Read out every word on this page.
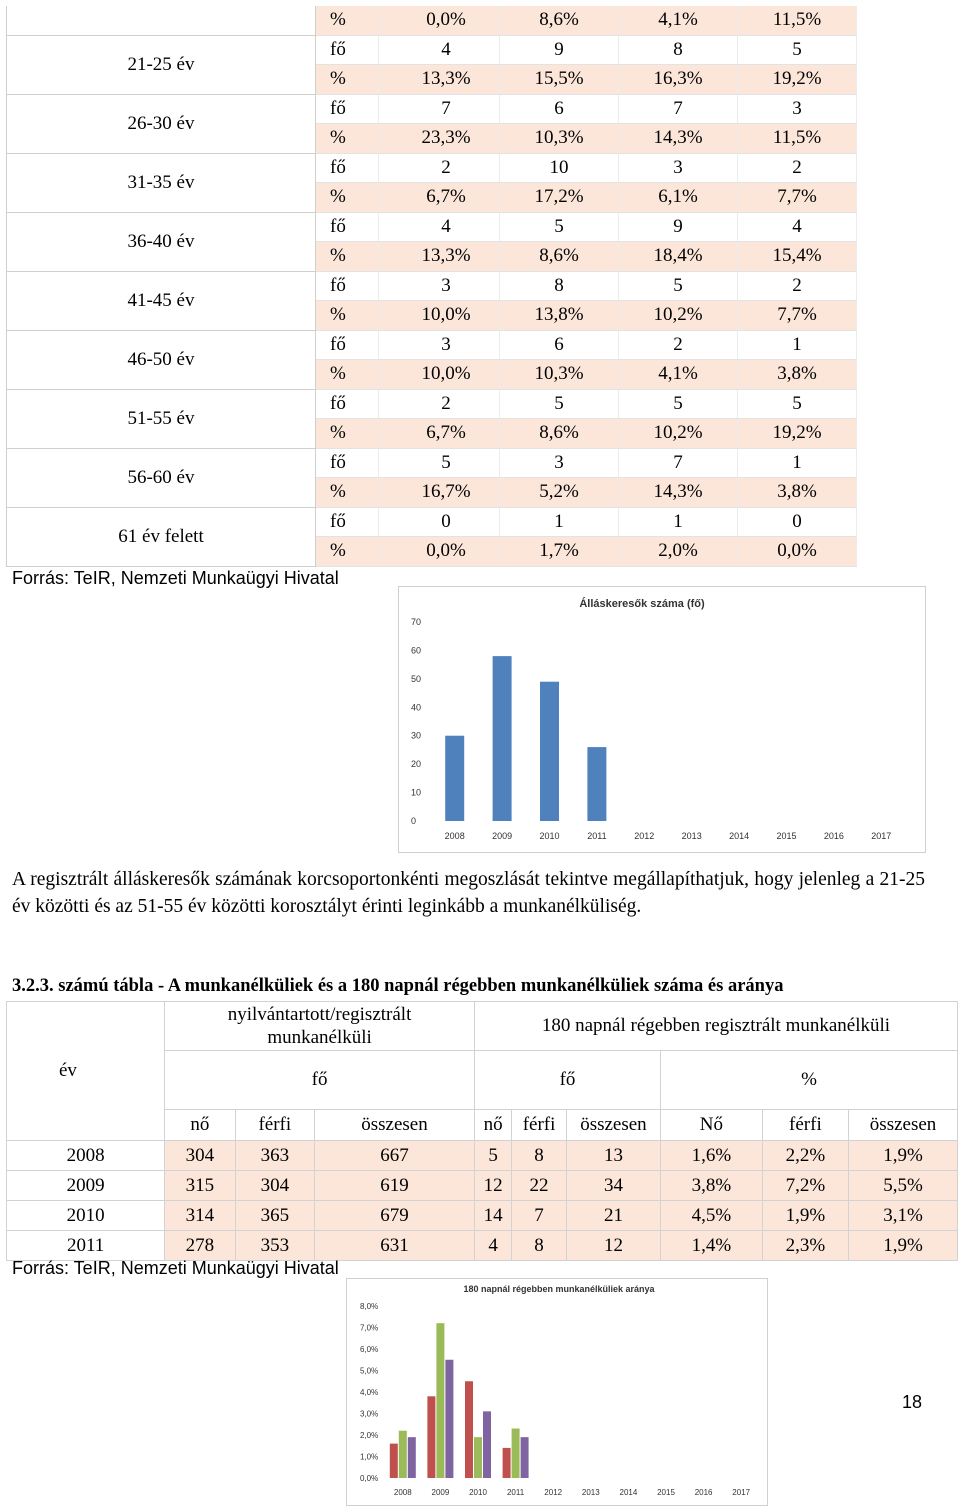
	%	0,0%	8,6%	4,1%	11,5%
21-25 év	fő	4	9	8	5
	%	13,3%	15,5%	16,3%	19,2%
26-30 év	fő	7	6	7	3
	%	23,3%	10,3%	14,3%	11,5%
31-35 év	fő	2	10	3	2
	%	6,7%	17,2%	6,1%	7,7%
36-40 év	fő	4	5	9	4
	%	13,3%	8,6%	18,4%	15,4%
41-45 év	fő	3	8	5	2
	%	10,0%	13,8%	10,2%	7,7%
46-50 év	fő	3	6	2	1
	%	10,0%	10,3%	4,1%	3,8%
51-55 év	fő	2	5	5	5
	%	6,7%	8,6%	10,2%	19,2%
56-60 év	fő	5	3	7	1
	%	16,7%	5,2%	14,3%	3,8%
61 év felett	fő	0	1	1	0
	%	0,0%	1,7%	2,0%	0,0%
Forrás: TeIR, Nemzeti Munkaügyi Hivatal
Álláskeresők száma (fő)
0
10
20
30
40
50
60
70
2008	2009	2010	2011	2012	2013	2014	2015	2016	2017
A regisztrált álláskeresők számának korcsoportonkénti megoszlását tekintve megállapíthatjuk, hogy jelenleg a 21-25 év közötti és az 51-55 év közötti korosztályt érinti leginkább a munkanélküliség.
3.2.3. számú tábla - A munkanélküliek és a 180 napnál régebben munkanélküliek száma és aránya
év	nyilvántartott/regisztrált munkanélküli			180 napnál régebben regisztrált munkanélküli					
	fő			fő			%		
	nő	férfi	összesen	nő	férfi	összesen	Nő	férfi	összesen
2008	304	363	667	5	8	13	1,6%	2,2%	1,9%
2009	315	304	619	12	22	34	3,8%	7,2%	5,5%
2010	314	365	679	14	7	21	4,5%	1,9%	3,1%
2011	278	353	631	4	8	12	1,4%	2,3%	1,9%
Forrás: TeIR, Nemzeti Munkaügyi Hivatal
180 napnál régebben munkanélküliek aránya
0,0%
1,0%
2,0%
3,0%
4,0%
5,0%
6,0%
7,0%
8,0%
2008 2009 2010	2011	2012 2013 2014 2015 2016 2017
18
